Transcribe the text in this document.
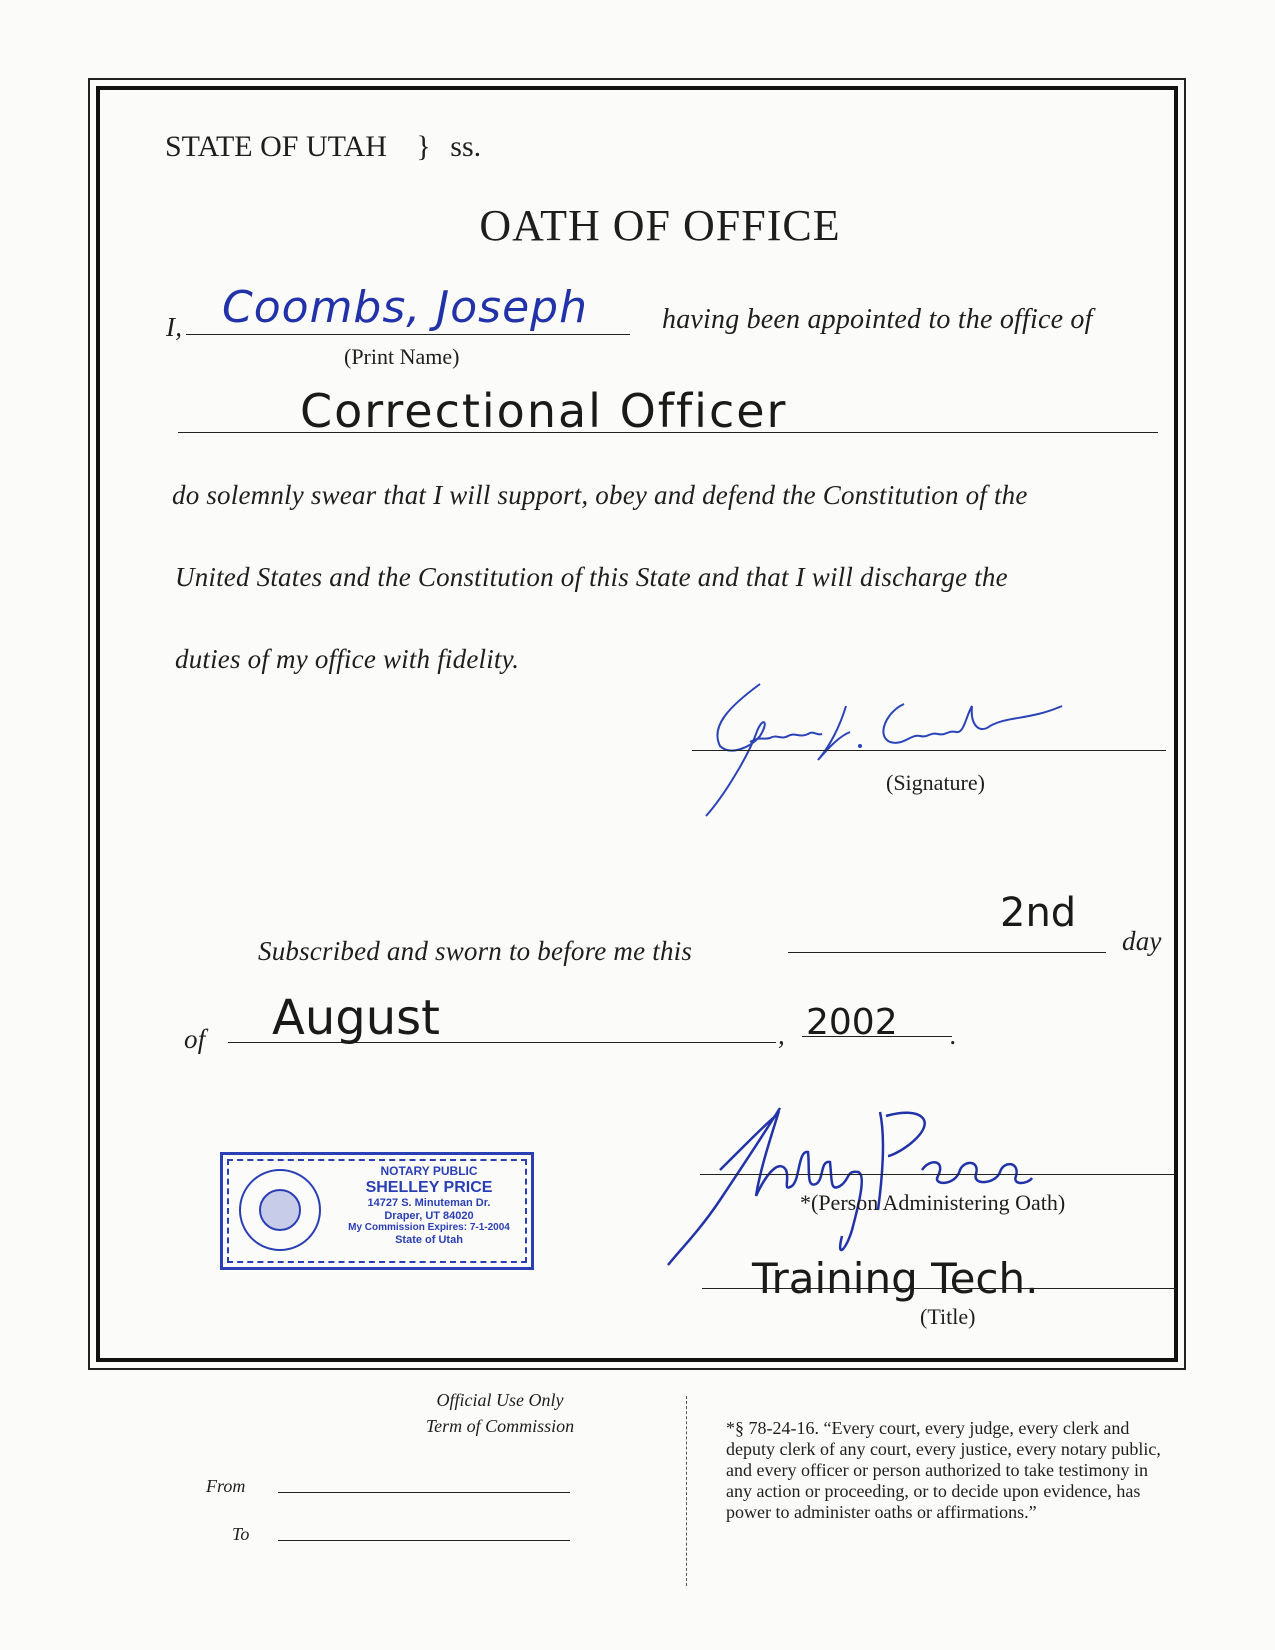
STATE OF UTAH } ss.
OATH OF OFFICE
I, Coombs, Joseph
(Print Name)
having been appointed to the office of
Correctional Officer
do solemnly swear that I will support, obey and defend the Constitution of the
United States and the Constitution of this State and that I will discharge the
duties of my office with fidelity.
(Signature)
Subscribed and sworn to before me this
2nd
day
of August	, 2002 .
NOTARY PUBLIC
SHELLEY PRICE
14727 S. Minuteman Dr.
Draper, UT 84020
My Commission Expires: 7-1-2004
State of Utah
*(Person Administering Oath)
Training Tech.
(Title)
Official Use Only
Term of Commission
From
To
*§ 78-24-16. “Every court, every judge, every clerk and
deputy clerk of any court, every justice, every notary public,
and every officer or person authorized to take testimony in
any action or proceeding, or to decide upon evidence, has
power to administer oaths or affirmations.”
